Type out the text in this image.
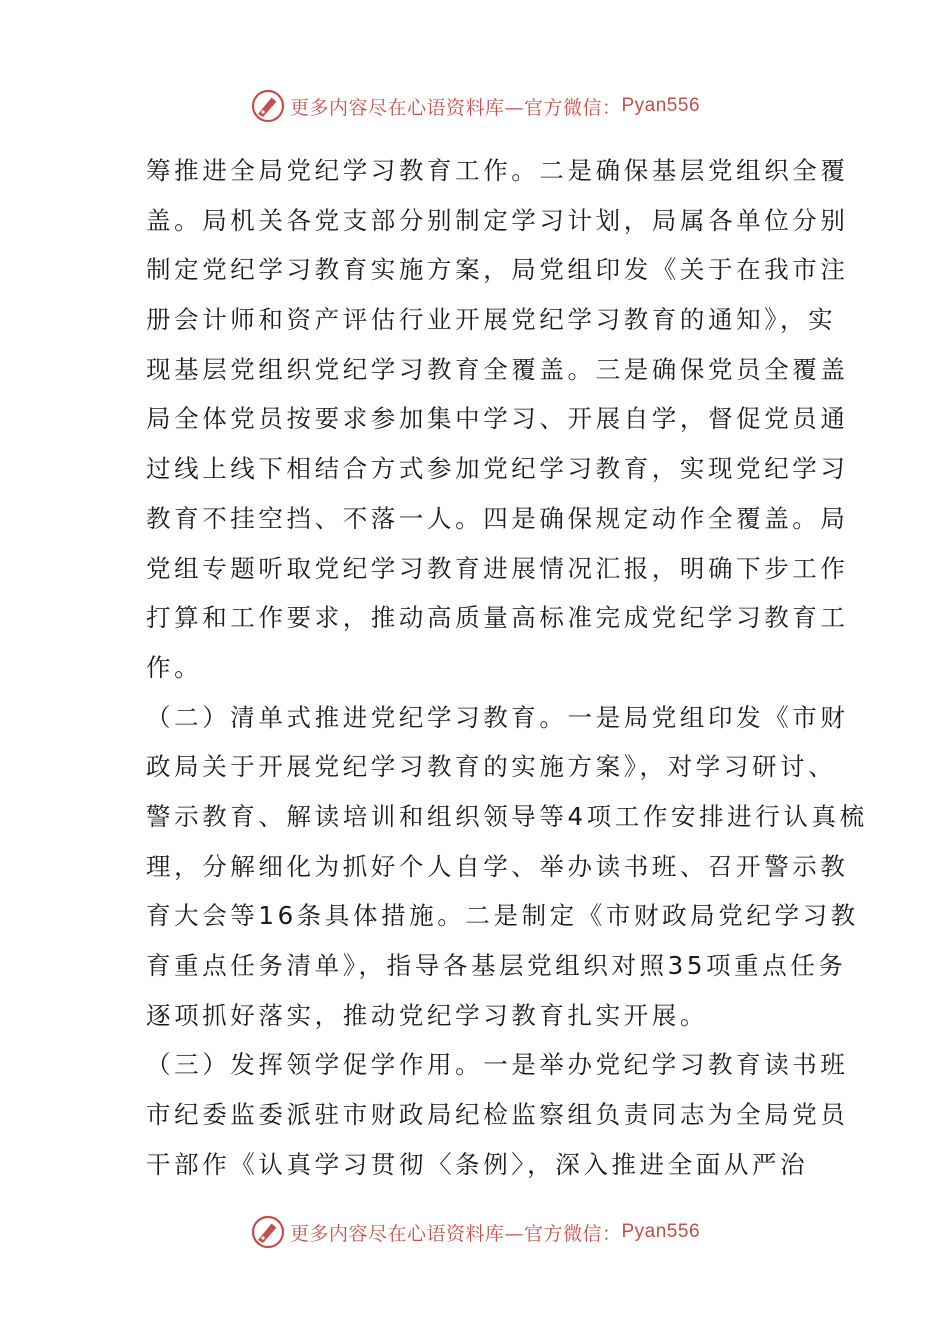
更多内容尽在心语资料库—官方微信： Pyan556
筹推进全局党纪学习教育工作。二是确保基层党组织全覆
盖。局机关各党支部分别制定学习计划，局属各单位分别
制定党纪学习教育实施方案，局党组印发《关于在我市注
册会计师和资产评估行业开展党纪学习教育的通知》，实
现基层党组织党纪学习教育全覆盖。三是确保党员全覆盖
局全体党员按要求参加集中学习、开展自学，督促党员通
过线上线下相结合方式参加党纪学习教育，实现党纪学习
教育不挂空挡、不落一人。四是确保规定动作全覆盖。局
党组专题听取党纪学习教育进展情况汇报，明确下步工作
打算和工作要求，推动高质量高标准完成党纪学习教育工
作。
（二）清单式推进党纪学习教育。一是局党组印发《市财
政局关于开展党纪学习教育的实施方案》，对学习研讨、
警示教育、解读培训和组织领导等4项工作安排进行认真梳
理，分解细化为抓好个人自学、举办读书班、召开警示教
育大会等16条具体措施。二是制定《市财政局党纪学习教
育重点任务清单》，指导各基层党组织对照35项重点任务
逐项抓好落实，推动党纪学习教育扎实开展。
（三）发挥领学促学作用。一是举办党纪学习教育读书班
市纪委监委派驻市财政局纪检监察组负责同志为全局党员
干部作《认真学习贯彻〈条例〉，深入推进全面从严治
更多内容尽在心语资料库—官方微信： Pyan556
